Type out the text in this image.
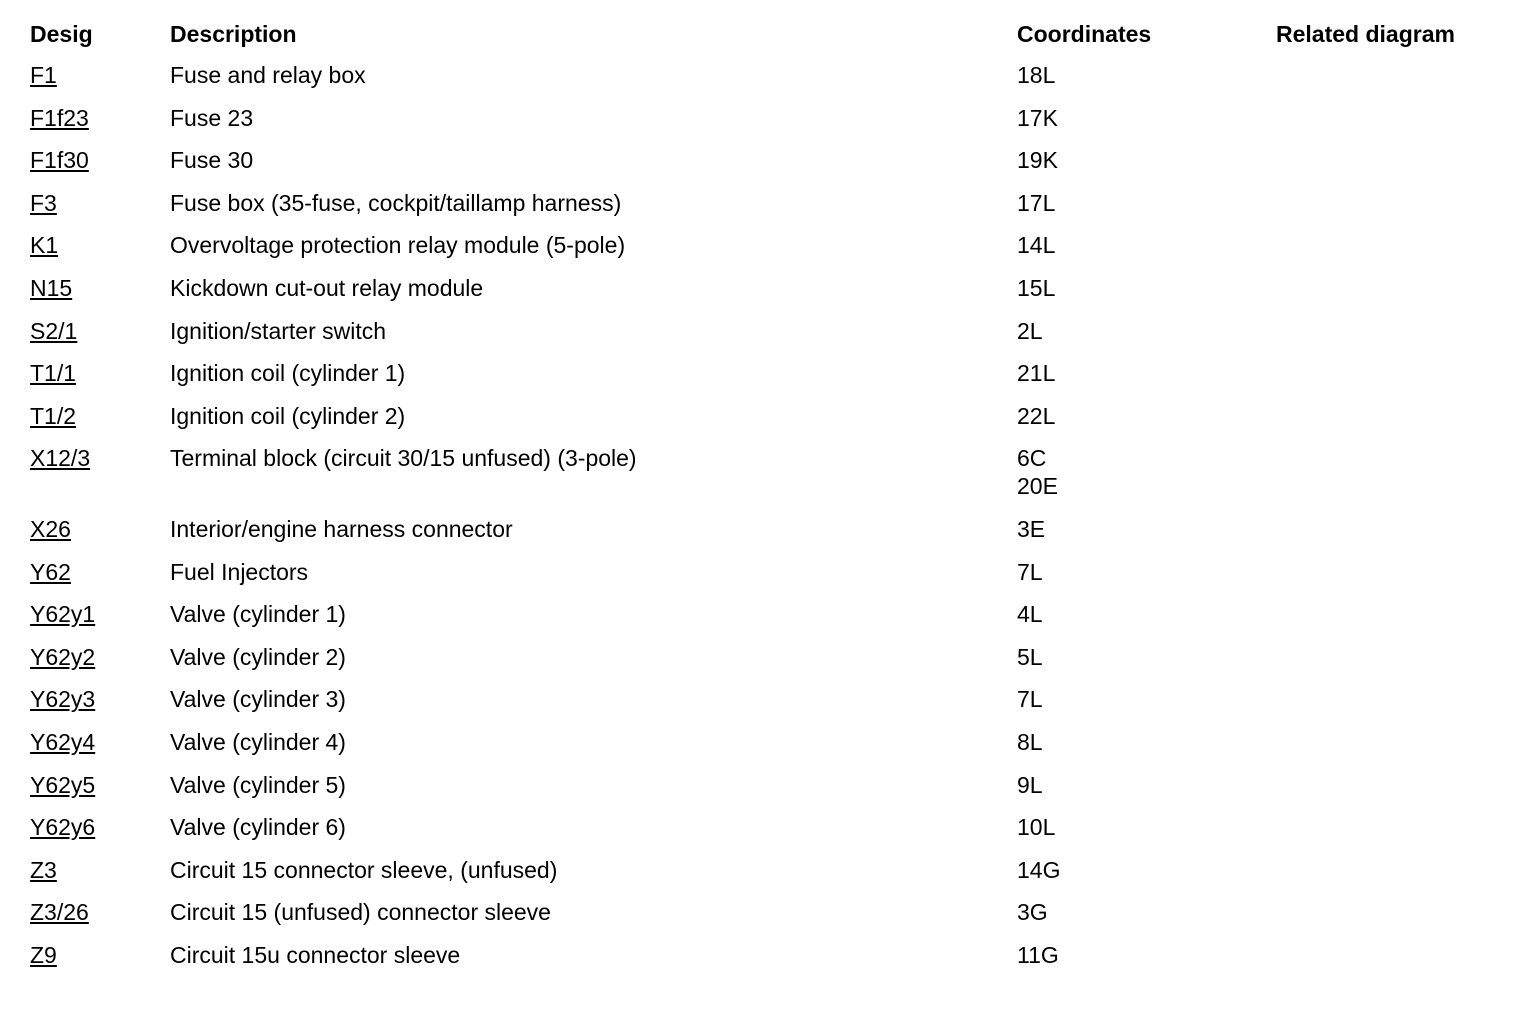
Desig	Description	Coordinates	Related diagram
F1	Fuse and relay box	18L	

F1f23	Fuse 23	17K	

F1f30	Fuse 30	19K	

F3	Fuse box (35-fuse, cockpit/taillamp harness)	17L	

K1	Overvoltage protection relay module (5-pole)	14L	

N15	Kickdown cut-out relay module	15L	

S2/1	Ignition/starter switch	2L	

T1/1	Ignition coil (cylinder 1)	21L	

T1/2	Ignition coil (cylinder 2)	22L	

X12/3	Terminal block (circuit 30/15 unfused) (3-pole)	6C
20E	

X26	Interior/engine harness connector	3E	

Y62	Fuel Injectors	7L	

Y62y1	Valve (cylinder 1)	4L	

Y62y2	Valve (cylinder 2)	5L	

Y62y3	Valve (cylinder 3)	7L	

Y62y4	Valve (cylinder 4)	8L	

Y62y5	Valve (cylinder 5)	9L	

Y62y6	Valve (cylinder 6)	10L	

Z3	Circuit 15 connector sleeve, (unfused)	14G	

Z3/26	Circuit 15 (unfused) connector sleeve	3G	

Z9	Circuit 15u connector sleeve	11G	
